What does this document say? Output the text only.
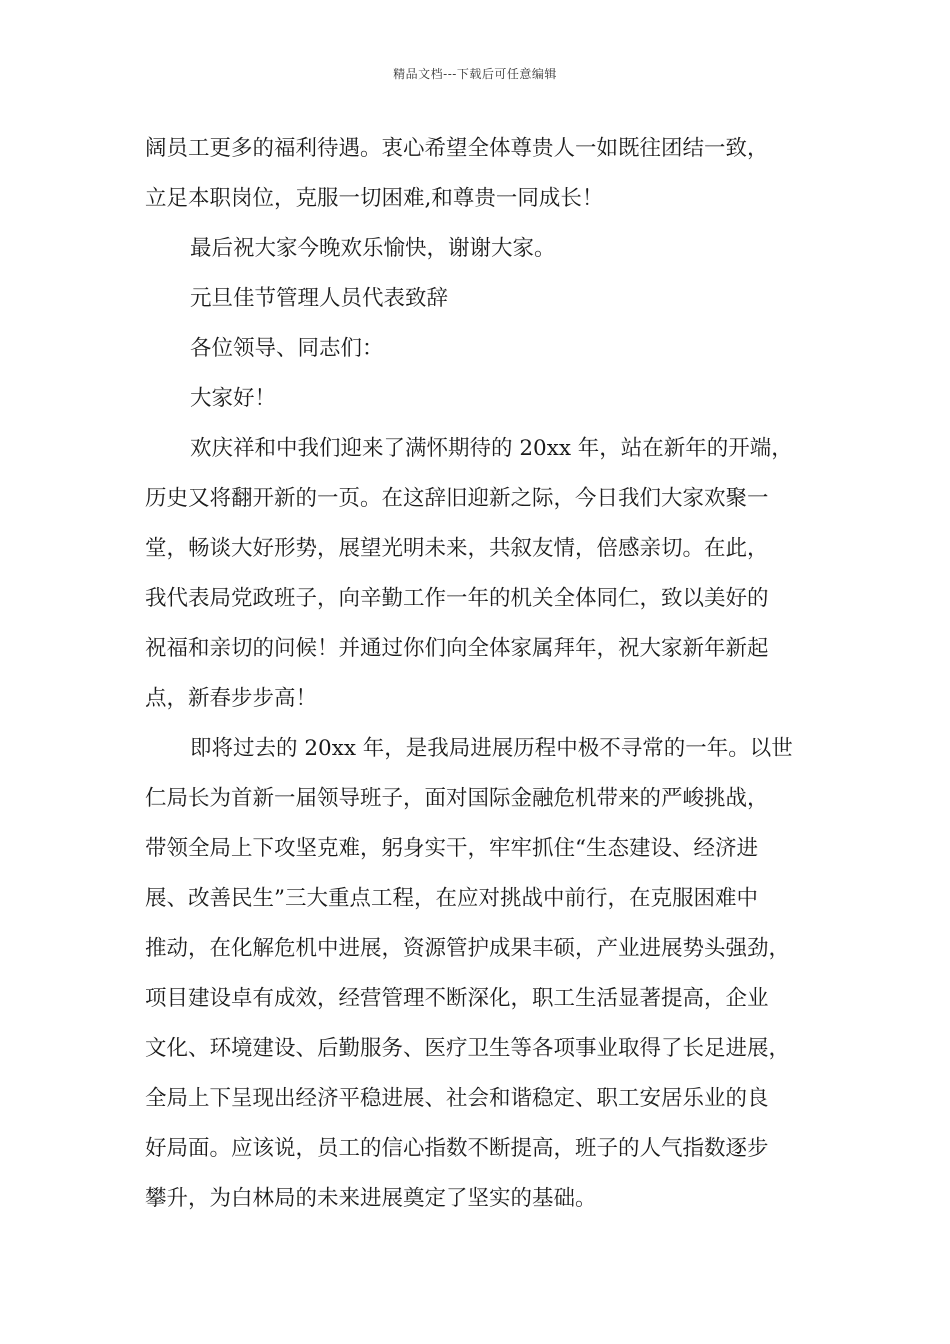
精品文档---下载后可任意编辑
阔员工更多的福利待遇。衷心希望全体尊贵人一如既往团结一致，
立足本职岗位，克服一切困难,和尊贵一同成长！
最后祝大家今晚欢乐愉快，谢谢大家。
元旦佳节管理人员代表致辞
各位领导、同志们：
大家好！
欢庆祥和中我们迎来了满怀期待的 20xx 年，站在新年的开端，
历史又将翻开新的一页。在这辞旧迎新之际，今日我们大家欢聚一
堂，畅谈大好形势，展望光明未来，共叙友情，倍感亲切。在此，
我代表局党政班子，向辛勤工作一年的机关全体同仁，致以美好的
祝福和亲切的问候！并通过你们向全体家属拜年，祝大家新年新起
点，新春步步高！
即将过去的 20xx 年，是我局进展历程中极不寻常的一年。以世
仁局长为首新一届领导班子，面对国际金融危机带来的严峻挑战，
带领全局上下攻坚克难，躬身实干，牢牢抓住“生态建设、经济进
展、改善民生”三大重点工程，在应对挑战中前行，在克服困难中
推动，在化解危机中进展，资源管护成果丰硕，产业进展势头强劲，
项目建设卓有成效，经营管理不断深化，职工生活显著提高，企业
文化、环境建设、后勤服务、医疗卫生等各项事业取得了长足进展，
全局上下呈现出经济平稳进展、社会和谐稳定、职工安居乐业的良
好局面。应该说，员工的信心指数不断提高，班子的人气指数逐步
攀升，为白林局的未来进展奠定了坚实的基础。
